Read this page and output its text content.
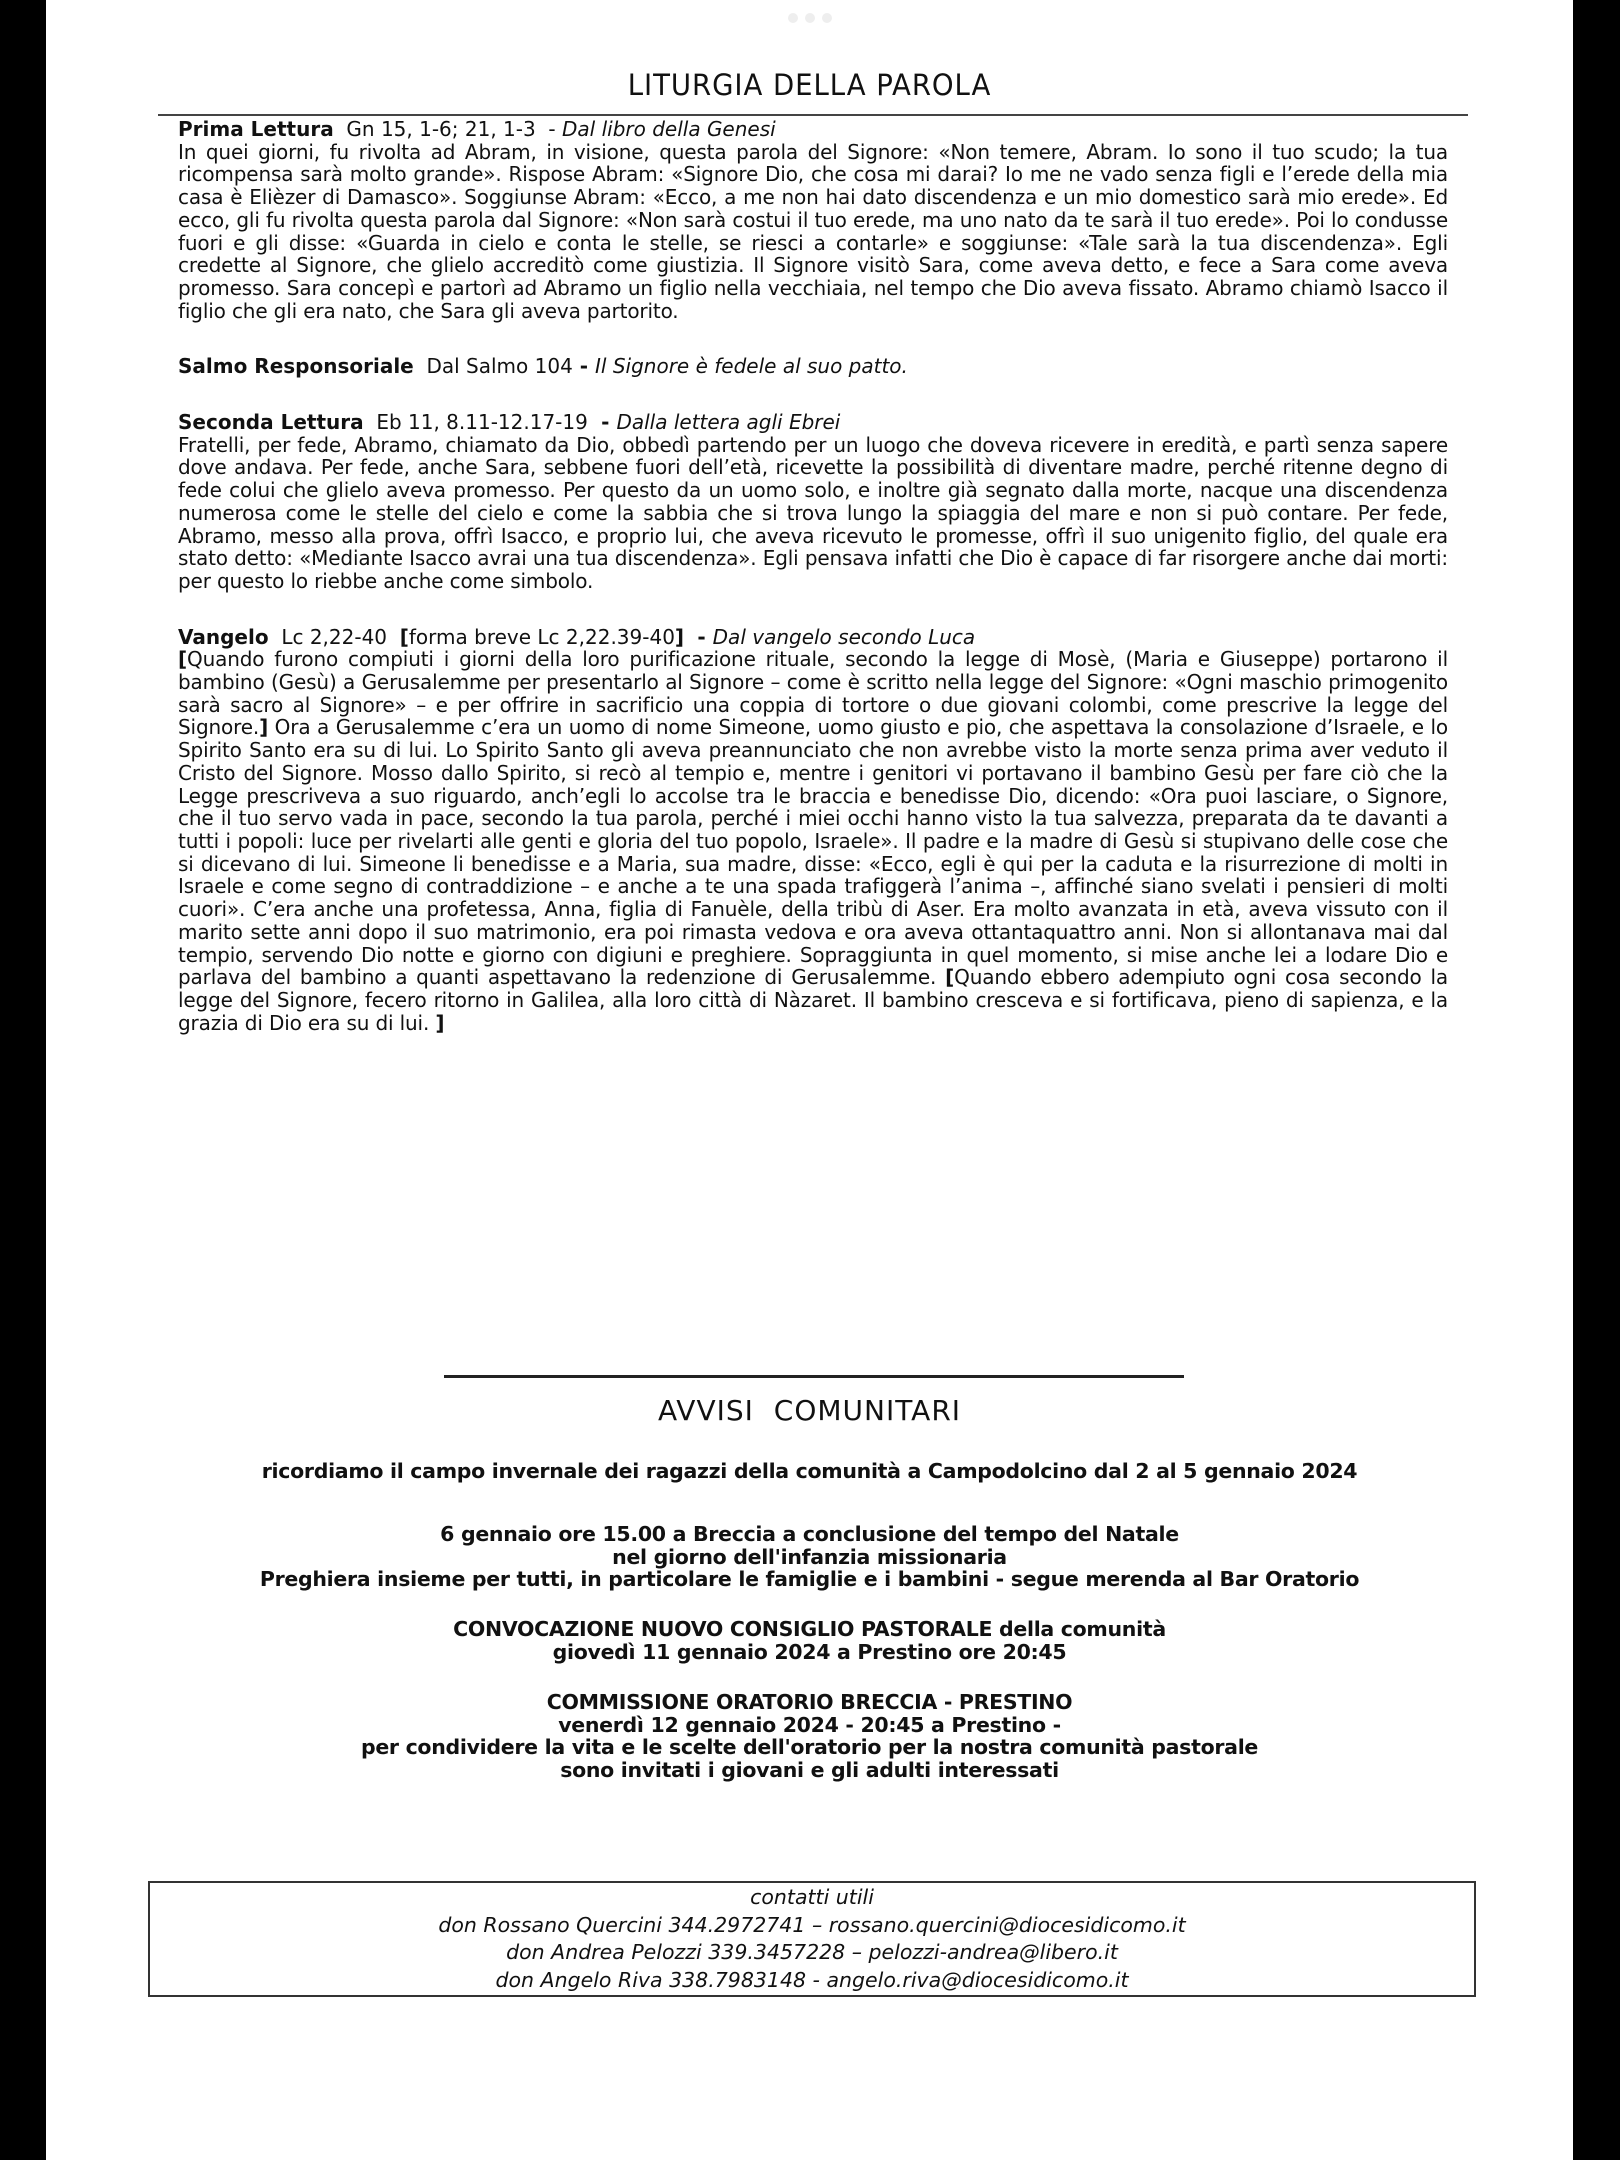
LITURGIA DELLA PAROLA
Prima Lettura Gn 15, 1-6; 21, 1-3  - Dal libro della Genesi
In quei giorni, fu rivolta ad Abram, in visione, questa parola del Signore: «Non temere, Abram. Io sono il tuo scudo; la tua ricompensa sarà molto grande». Rispose Abram: «Signore Dio, che cosa mi darai? Io me ne vado senza figli e l’erede della mia casa è Elièzer di Damasco». Soggiunse Abram: «Ecco, a me non hai dato discendenza e un mio domestico sarà mio erede». Ed ecco, gli fu rivolta questa parola dal Signore: «Non sarà costui il tuo erede, ma uno nato da te sarà il tuo erede». Poi lo condusse fuori e gli disse: «Guarda in cielo e conta le stelle, se riesci a contarle» e soggiunse: «Tale sarà la tua discendenza». Egli credette al Signore, che glielo accreditò come giustizia. Il Signore visitò Sara, come aveva detto, e fece a Sara come aveva promesso. Sara concepì e partorì ad Abramo un figlio nella vecchiaia, nel tempo che Dio aveva fissato. Abramo chiamò Isacco il figlio che gli era nato, che Sara gli aveva partorito.
Salmo Responsoriale Dal Salmo 104 - Il Signore è fedele al suo patto.
Seconda Lettura Eb 11, 8.11-12.17-19  - Dalla lettera agli Ebrei
Fratelli, per fede, Abramo, chiamato da Dio, obbedì partendo per un luogo che doveva ricevere in eredità, e partì senza sapere dove andava. Per fede, anche Sara, sebbene fuori dell’età, ricevette la possibilità di diventare madre, perché ritenne degno di fede colui che glielo aveva promesso. Per questo da un uomo solo, e inoltre già segnato dalla morte, nacque una discendenza numerosa come le stelle del cielo e come la sabbia che si trova lungo la spiaggia del mare e non si può contare. Per fede, Abramo, messo alla prova, offrì Isacco, e proprio lui, che aveva ricevuto le promesse, offrì il suo unigenito figlio, del quale era stato detto: «Mediante Isacco avrai una tua discendenza». Egli pensava infatti che Dio è capace di far risorgere anche dai morti: per questo lo riebbe anche come simbolo.
Vangelo Lc 2,22-40 [forma breve Lc 2,22.39-40]  - Dal vangelo secondo Luca
[Quando furono compiuti i giorni della loro purificazione rituale, secondo la legge di Mosè, (Maria e Giuseppe) portarono il bambino (Gesù) a Gerusalemme per presentarlo al Signore – come è scritto nella legge del Signore: «Ogni maschio primogenito sarà sacro al Signore» – e per offrire in sacrificio una coppia di tortore o due giovani colombi, come prescrive la legge del Signore.] Ora a Gerusalemme c’era un uomo di nome Simeone, uomo giusto e pio, che aspettava la consolazione d’Israele, e lo Spirito Santo era su di lui. Lo Spirito Santo gli aveva preannunciato che non avrebbe visto la morte senza prima aver veduto il Cristo del Signore. Mosso dallo Spirito, si recò al tempio e, mentre i genitori vi portavano il bambino Gesù per fare ciò che la Legge prescriveva a suo riguardo, anch’egli lo accolse tra le braccia e benedisse Dio, dicendo: «Ora puoi lasciare, o Signore, che il tuo servo vada in pace, secondo la tua parola, perché i miei occhi hanno visto la tua salvezza, preparata da te davanti a tutti i popoli: luce per rivelarti alle genti e gloria del tuo popolo, Israele». Il padre e la madre di Gesù si stupivano delle cose che si dicevano di lui. Simeone li benedisse e a Maria, sua madre, disse: «Ecco, egli è qui per la caduta e la risurrezione di molti in Israele e come segno di contraddizione – e anche a te una spada trafiggerà l’anima –, affinché siano svelati i pensieri di molti cuori». C’era anche una profetessa, Anna, figlia di Fanuèle, della tribù di Aser. Era molto avanzata in età, aveva vissuto con il marito sette anni dopo il suo matrimonio, era poi rimasta vedova e ora aveva ottantaquattro anni. Non si allontanava mai dal tempio, servendo Dio notte e giorno con digiuni e preghiere. Sopraggiunta in quel momento, si mise anche lei a lodare Dio e parlava del bambino a quanti aspettavano la redenzione di Gerusalemme. [Quando ebbero adempiuto ogni cosa secondo la legge del Signore, fecero ritorno in Galilea, alla loro città di Nàzaret. Il bambino cresceva e si fortificava, pieno di sapienza, e la grazia di Dio era su di lui. ]
AVVISI COMUNITARI

ricordiamo il campo invernale dei ragazzi della comunità a Campodolcino dal 2 al 5 gennaio 2024

6 gennaio ore 15.00 a Breccia a conclusione del tempo del Natale

nel giorno dell'infanzia missionaria

Preghiera insieme per tutti, in particolare le famiglie e i bambini - segue merenda al Bar Oratorio

CONVOCAZIONE NUOVO CONSIGLIO PASTORALE della comunità

giovedì 11 gennaio 2024 a Prestino ore 20:45

COMMISSIONE ORATORIO BRECCIA - PRESTINO

venerdì 12 gennaio 2024 - 20:45 a Prestino -

per condividere la vita e le scelte dell'oratorio per la nostra comunità pastorale

sono invitati i giovani e gli adulti interessati

contatti utili

don Rossano Quercini 344.2972741 – rossano.quercini@diocesidicomo.it

don Andrea Pelozzi 339.3457228 – pelozzi-andrea@libero.it

don Angelo Riva 338.7983148 - angelo.riva@diocesidicomo.it
